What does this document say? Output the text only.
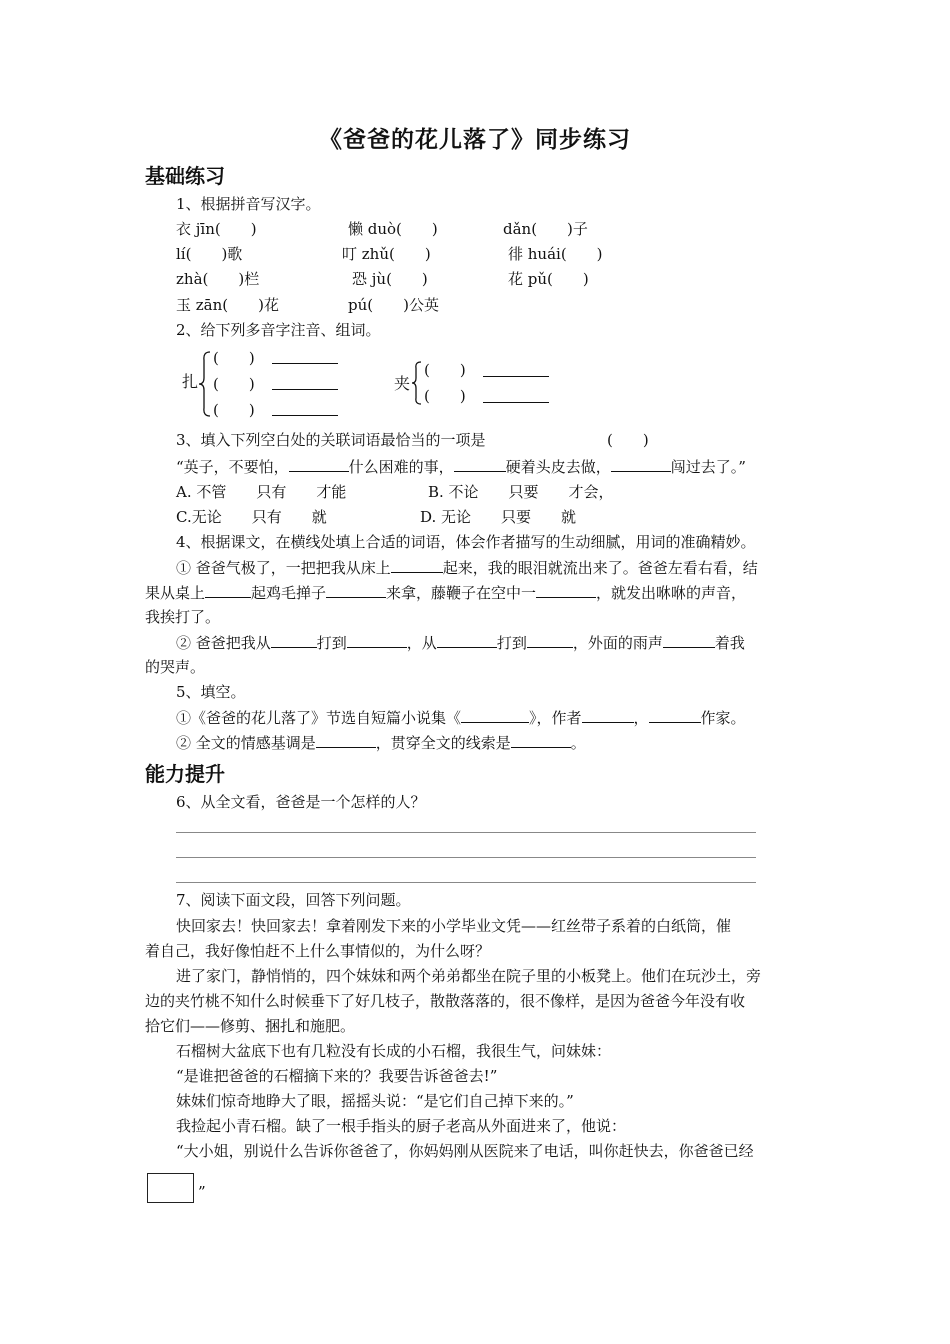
《爸爸的花儿落了》同步练习
基础练习
1、根据拼音写汉字。
衣 jīn(　　)	懒 duò(　　)	dǎn(　　)子
lí(　　)歌	叮 zhǔ(　　)	徘 huái(　　)
zhà(　　)栏	恐 jù(　　)	花 pǔ(　　)
玉 zān(　　)花	pú(　　)公英
2、给下列多音字注音、组词。
扎
(　　)
(　　)
(　　)
夹
(　　)
(　　)
3、填入下列空白处的关联词语最恰当的一项是	(　　)
“英子，不要怕，	什么困难的事，	硬着头皮去做，	闯过去了。”
A. 不管　　只有　　才能	B. 不论　　只要　　才会，
C.无论　　只有　　就	D. 无论　　只要　　就
4、根据课文，在横线处填上合适的词语，体会作者描写的生动细腻，用词的准确精妙。
① 爸爸气极了，一把把我从床上	起来，我的眼泪就流出来了。爸爸左看右看，结
果从桌上	起鸡毛掸子	来拿，藤鞭子在空中一	，就发出咻咻的声音，
我挨打了。
② 爸爸把我从	打到	，从	打到	，外面的雨声	着我
的哭声。
5、填空。
①《爸爸的花儿落了》节选自短篇小说集《	》，作者	，	作家。
② 全文的情感基调是	，贯穿全文的线索是	。
能力提升
6、从全文看，爸爸是一个怎样的人？
7、阅读下面文段，回答下列问题。
快回家去！快回家去！拿着刚发下来的小学毕业文凭——红丝带子系着的白纸筒，催
着自己，我好像怕赶不上什么事情似的，为什么呀？
进了家门，静悄悄的，四个妹妹和两个弟弟都坐在院子里的小板凳上。他们在玩沙土，旁
边的夹竹桃不知什么时候垂下了好几枝子，散散落落的，很不像样，是因为爸爸今年没有收
拾它们——修剪、捆扎和施肥。
石榴树大盆底下也有几粒没有长成的小石榴，我很生气，问妹妹：
“是谁把爸爸的石榴摘下来的？我要告诉爸爸去!”
妹妹们惊奇地睁大了眼，摇摇头说：“是它们自己掉下来的。”
我捡起小青石榴。缺了一根手指头的厨子老高从外面进来了，他说：
“大小姐，别说什么告诉你爸爸了，你妈妈刚从医院来了电话，叫你赶快去，你爸爸已经
”
